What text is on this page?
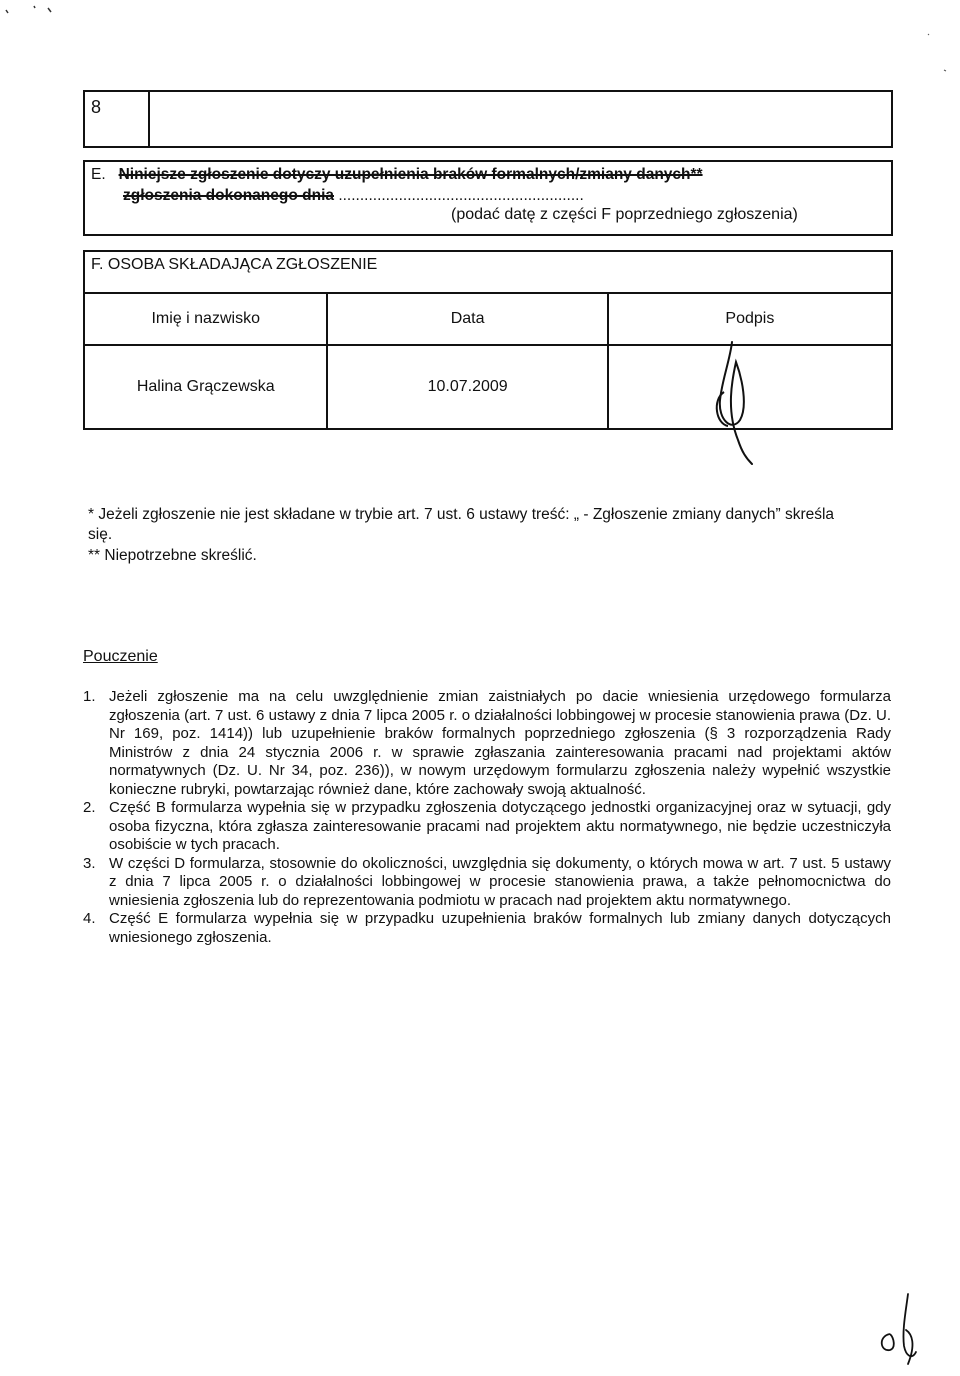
8
E. Niniejsze zgłoszenie dotyczy uzupełnienia braków formalnych/zmiany danych**
zgłoszenia dokonanego dnia .........................................................
(podać datę z części F poprzedniego zgłoszenia)
F. OSOBA SKŁADAJĄCA ZGŁOSZENIE
Imię i nazwisko	Data	Podpis
Halina Grączewska	10.07.2009	
* Jeżeli zgłoszenie nie jest składane w trybie art. 7 ust. 6 ustawy treść: „ - Zgłoszenie zmiany danych” skreśla
się.
** Niepotrzebne skreślić.
Pouczenie
1. Jeżeli zgłoszenie ma na celu uwzględnienie zmian zaistniałych po dacie wniesienia urzędowego formularza zgłoszenia (art. 7 ust. 6 ustawy z dnia 7 lipca 2005 r. o działalności lobbingowej w procesie stanowienia prawa (Dz. U. Nr 169, poz. 1414)) lub uzupełnienie braków formalnych poprzedniego zgłoszenia (§ 3 rozporządzenia Rady Ministrów z dnia 24 stycznia 2006 r. w sprawie zgłaszania zainteresowania pracami nad projektami aktów normatywnych (Dz. U. Nr 34, poz. 236)), w nowym urzędowym formularzu zgłoszenia należy wypełnić wszystkie konieczne rubryki, powtarzając również dane, które zachowały swoją aktualność.
2. Część B formularza wypełnia się w przypadku zgłoszenia dotyczącego jednostki organizacyjnej oraz w sytuacji, gdy osoba fizyczna, która zgłasza zainteresowanie pracami nad projektem aktu normatywnego, nie będzie uczestniczyła osobiście w tych pracach.
3. W części D formularza, stosownie do okoliczności, uwzględnia się dokumenty, o których mowa w art. 7 ust. 5 ustawy z dnia 7 lipca 2005 r. o działalności lobbingowej w procesie stanowienia prawa, a także pełnomocnictwa do wniesienia zgłoszenia lub do reprezentowania podmiotu w pracach nad projektem aktu normatywnego.
4. Część E formularza wypełnia się w przypadku uzupełnienia braków formalnych lub zmiany danych dotyczących wniesionego zgłoszenia.
